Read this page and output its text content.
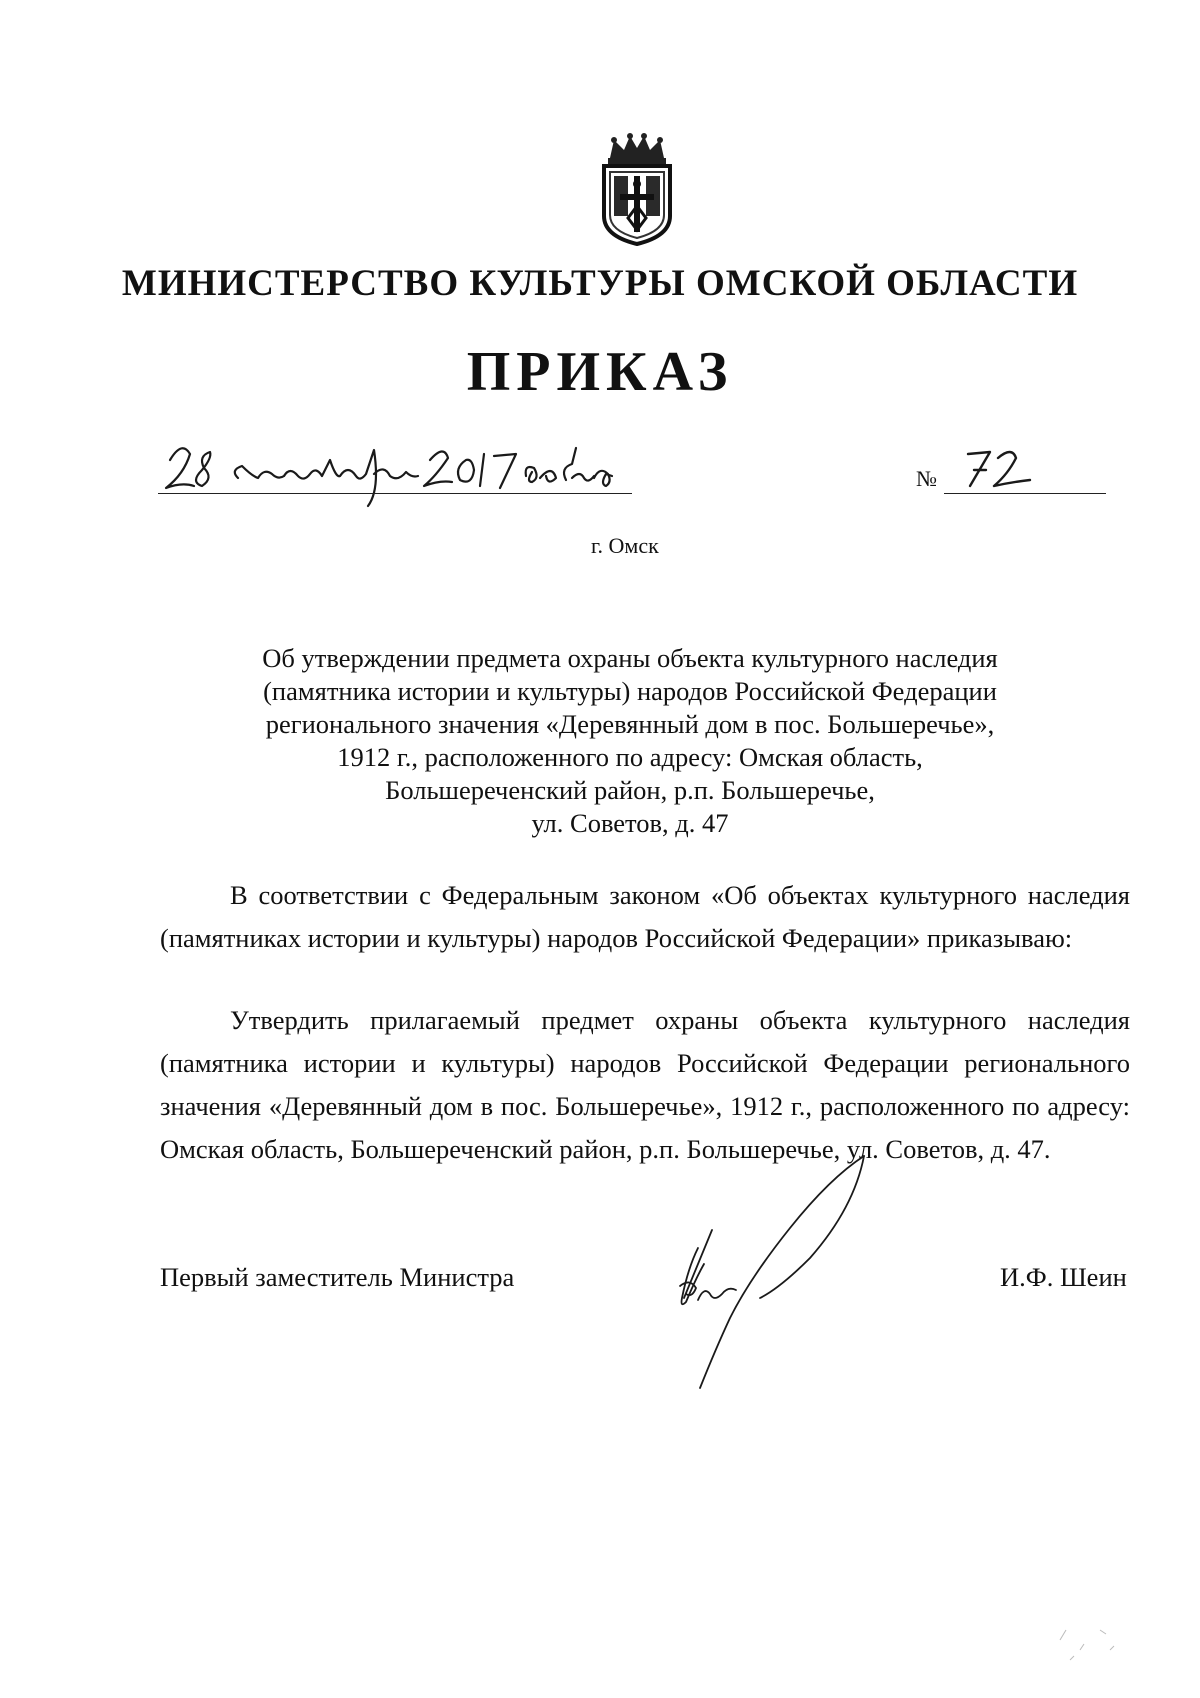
МИНИСТЕРСТВО КУЛЬТУРЫ ОМСКОЙ ОБЛАСТИ
ПРИКАЗ
№
г. Омск
Об утверждении предмета охраны объекта культурного наследия
(памятника истории и культуры) народов Российской Федерации
регионального значения «Деревянный дом в пос. Большеречье»,
1912 г., расположенного по адресу: Омская область,
Большереченский район, р.п. Большеречье,
ул. Советов, д. 47

В соответствии с Федеральным законом «Об объектах культурного наследия (памятниках истории и культуры) народов Российской Федерации» приказываю:

Утвердить прилагаемый предмет охраны объекта культурного наследия (памятника истории и культуры) народов Российской Федерации регионального значения «Деревянный дом в пос. Большеречье», 1912 г., расположенного по адресу: Омская область, Большереченский район, р.п. Большеречье, ул. Советов, д. 47.

Первый заместитель Министра	И.Ф. Шеин
